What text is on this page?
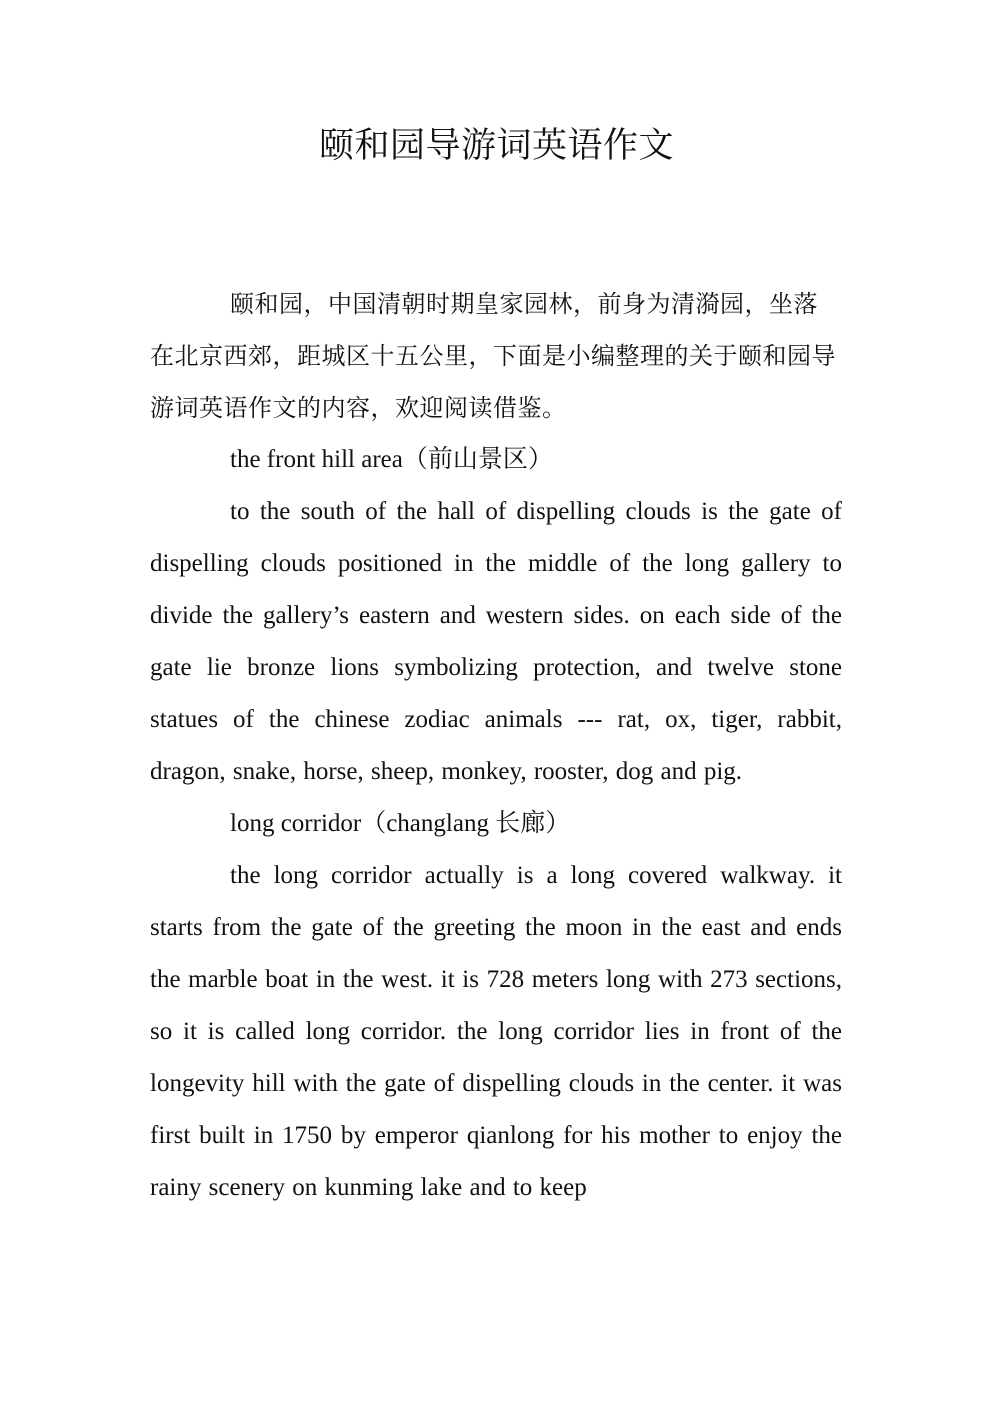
颐和园导游词英语作文

颐和园，中国清朝时期皇家园林，前身为清漪园，坐落在北京西郊，距城区十五公里，下面是小编整理的关于颐和园导游词英语作文的内容，欢迎阅读借鉴。

the front hill area（前山景区）

to the south of the hall of dispelling clouds is the gate of dispelling clouds positioned in the middle of the long gallery to divide the gallery’s eastern and western sides. on each side of the gate lie bronze lions symbolizing protection, and twelve stone statues of the chinese zodiac animals --- rat, ox, tiger, rabbit, dragon, snake, horse, sheep, monkey, rooster, dog and pig.

long corridor（changlang 长廊）

the long corridor actually is a long covered walkway. it starts from the gate of the greeting the moon in the east and ends the marble boat in the west. it is 728 meters long with 273 sections, so it is called long corridor. the long corridor lies in front of the longevity hill with the gate of dispelling clouds in the center. it was first built in 1750 by emperor qianlong for his mother to enjoy the rainy scenery on kunming lake and to keep
